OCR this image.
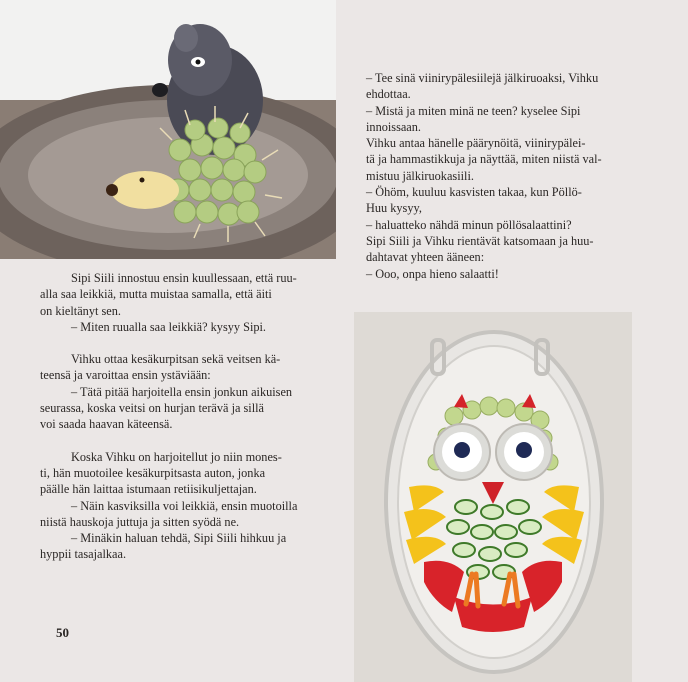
Sipi Siili innostuu ensin kuullessaan, että ruu-

alla saa leikkiä, mutta muistaa samalla, että äiti

on kieltänyt sen.

– Miten ruualla saa leikkiä? kysyy Sipi.

Vihku ottaa kesäkurpitsan sekä veitsen kä-

teensä ja varoittaa ensin ystäviään:

– Tätä pitää harjoitella ensin jonkun aikuisen

seurassa, koska veitsi on hurjan terävä ja sillä

voi saada haavan käteensä.

Koska Vihku on harjoitellut jo niin mones-

ti, hän muotoilee kesäkurpitsasta auton, jonka

päälle hän laittaa istumaan retiisikuljettajan.

– Näin kasviksilla voi leikkiä, ensin muotoilla

niistä hauskoja juttuja ja sitten syödä ne.

– Minäkin haluan tehdä, Sipi Siili hihkuu ja

hyppii tasajalkaa.

– Tee sinä viinirypälesiilejä jälkiruoaksi, Vihku

ehdottaa.

– Mistä ja miten minä ne teen? kyselee Sipi

innoissaan.

Vihku antaa hänelle päärynöitä, viinirypälei-

tä ja hammastikkuja ja näyttää, miten niistä val-

mistuu jälkiruokasiili.

– Öhöm, kuuluu kasvisten takaa, kun Pöllö-

Huu kysyy,

– haluatteko nähdä minun pöllösalaattini?

Sipi Siili ja Vihku rientävät katsomaan ja huu-

dahtavat yhteen ääneen:

– Ooo, onpa hieno salaatti!

50
